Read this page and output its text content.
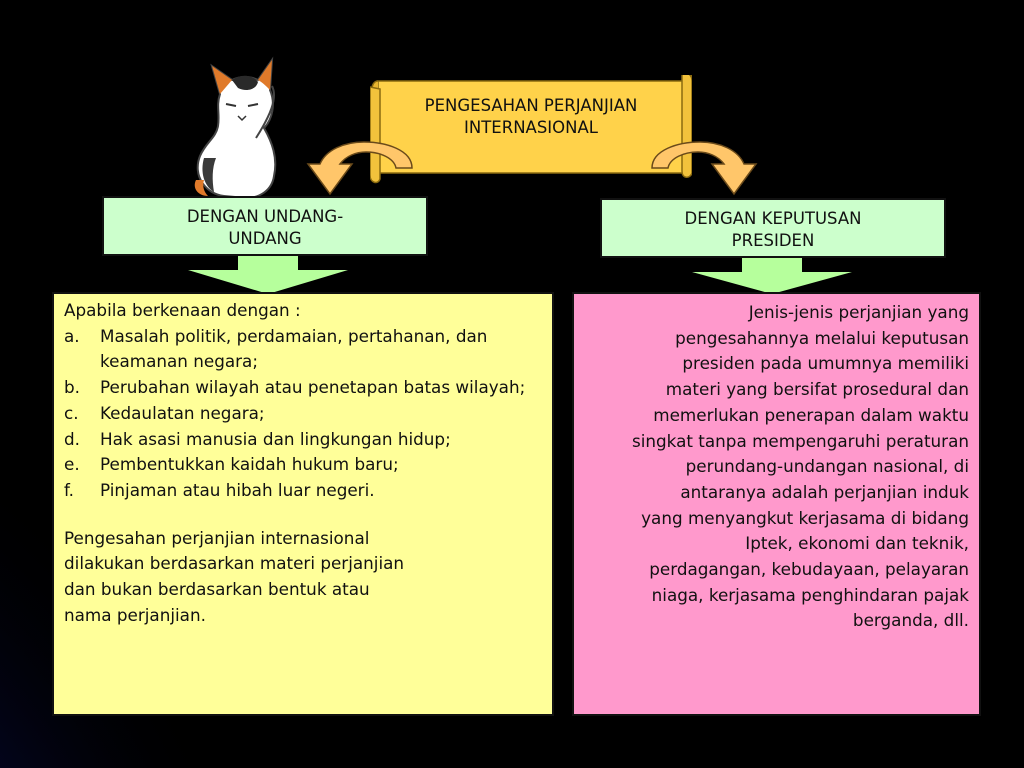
PENGESAHAN PERJANJIAN
INTERNASIONAL
DENGAN UNDANG-
UNDANG
DENGAN KEPUTUSAN
PRESIDEN
Apabila berkenaan dengan :
a. Masalah politik, perdamaian, pertahanan, dan keamanan negara;
b. Perubahan wilayah atau penetapan batas wilayah;
c. Kedaulatan negara;
d. Hak asasi manusia dan lingkungan hidup;
e. Pembentukkan kaidah hukum baru;
f. Pinjaman atau hibah luar negeri.
Pengesahan perjanjian internasional
dilakukan berdasarkan materi perjanjian
dan bukan berdasarkan bentuk atau
nama perjanjian.
Jenis-jenis perjanjian yang
pengesahannya melalui keputusan
presiden pada umumnya memiliki
materi yang bersifat prosedural dan
memerlukan penerapan dalam waktu
singkat tanpa mempengaruhi peraturan
perundang-undangan nasional, di
antaranya adalah perjanjian induk
yang menyangkut kerjasama di bidang
Iptek, ekonomi dan teknik,
perdagangan, kebudayaan, pelayaran
niaga, kerjasama penghindaran pajak
berganda, dll.
